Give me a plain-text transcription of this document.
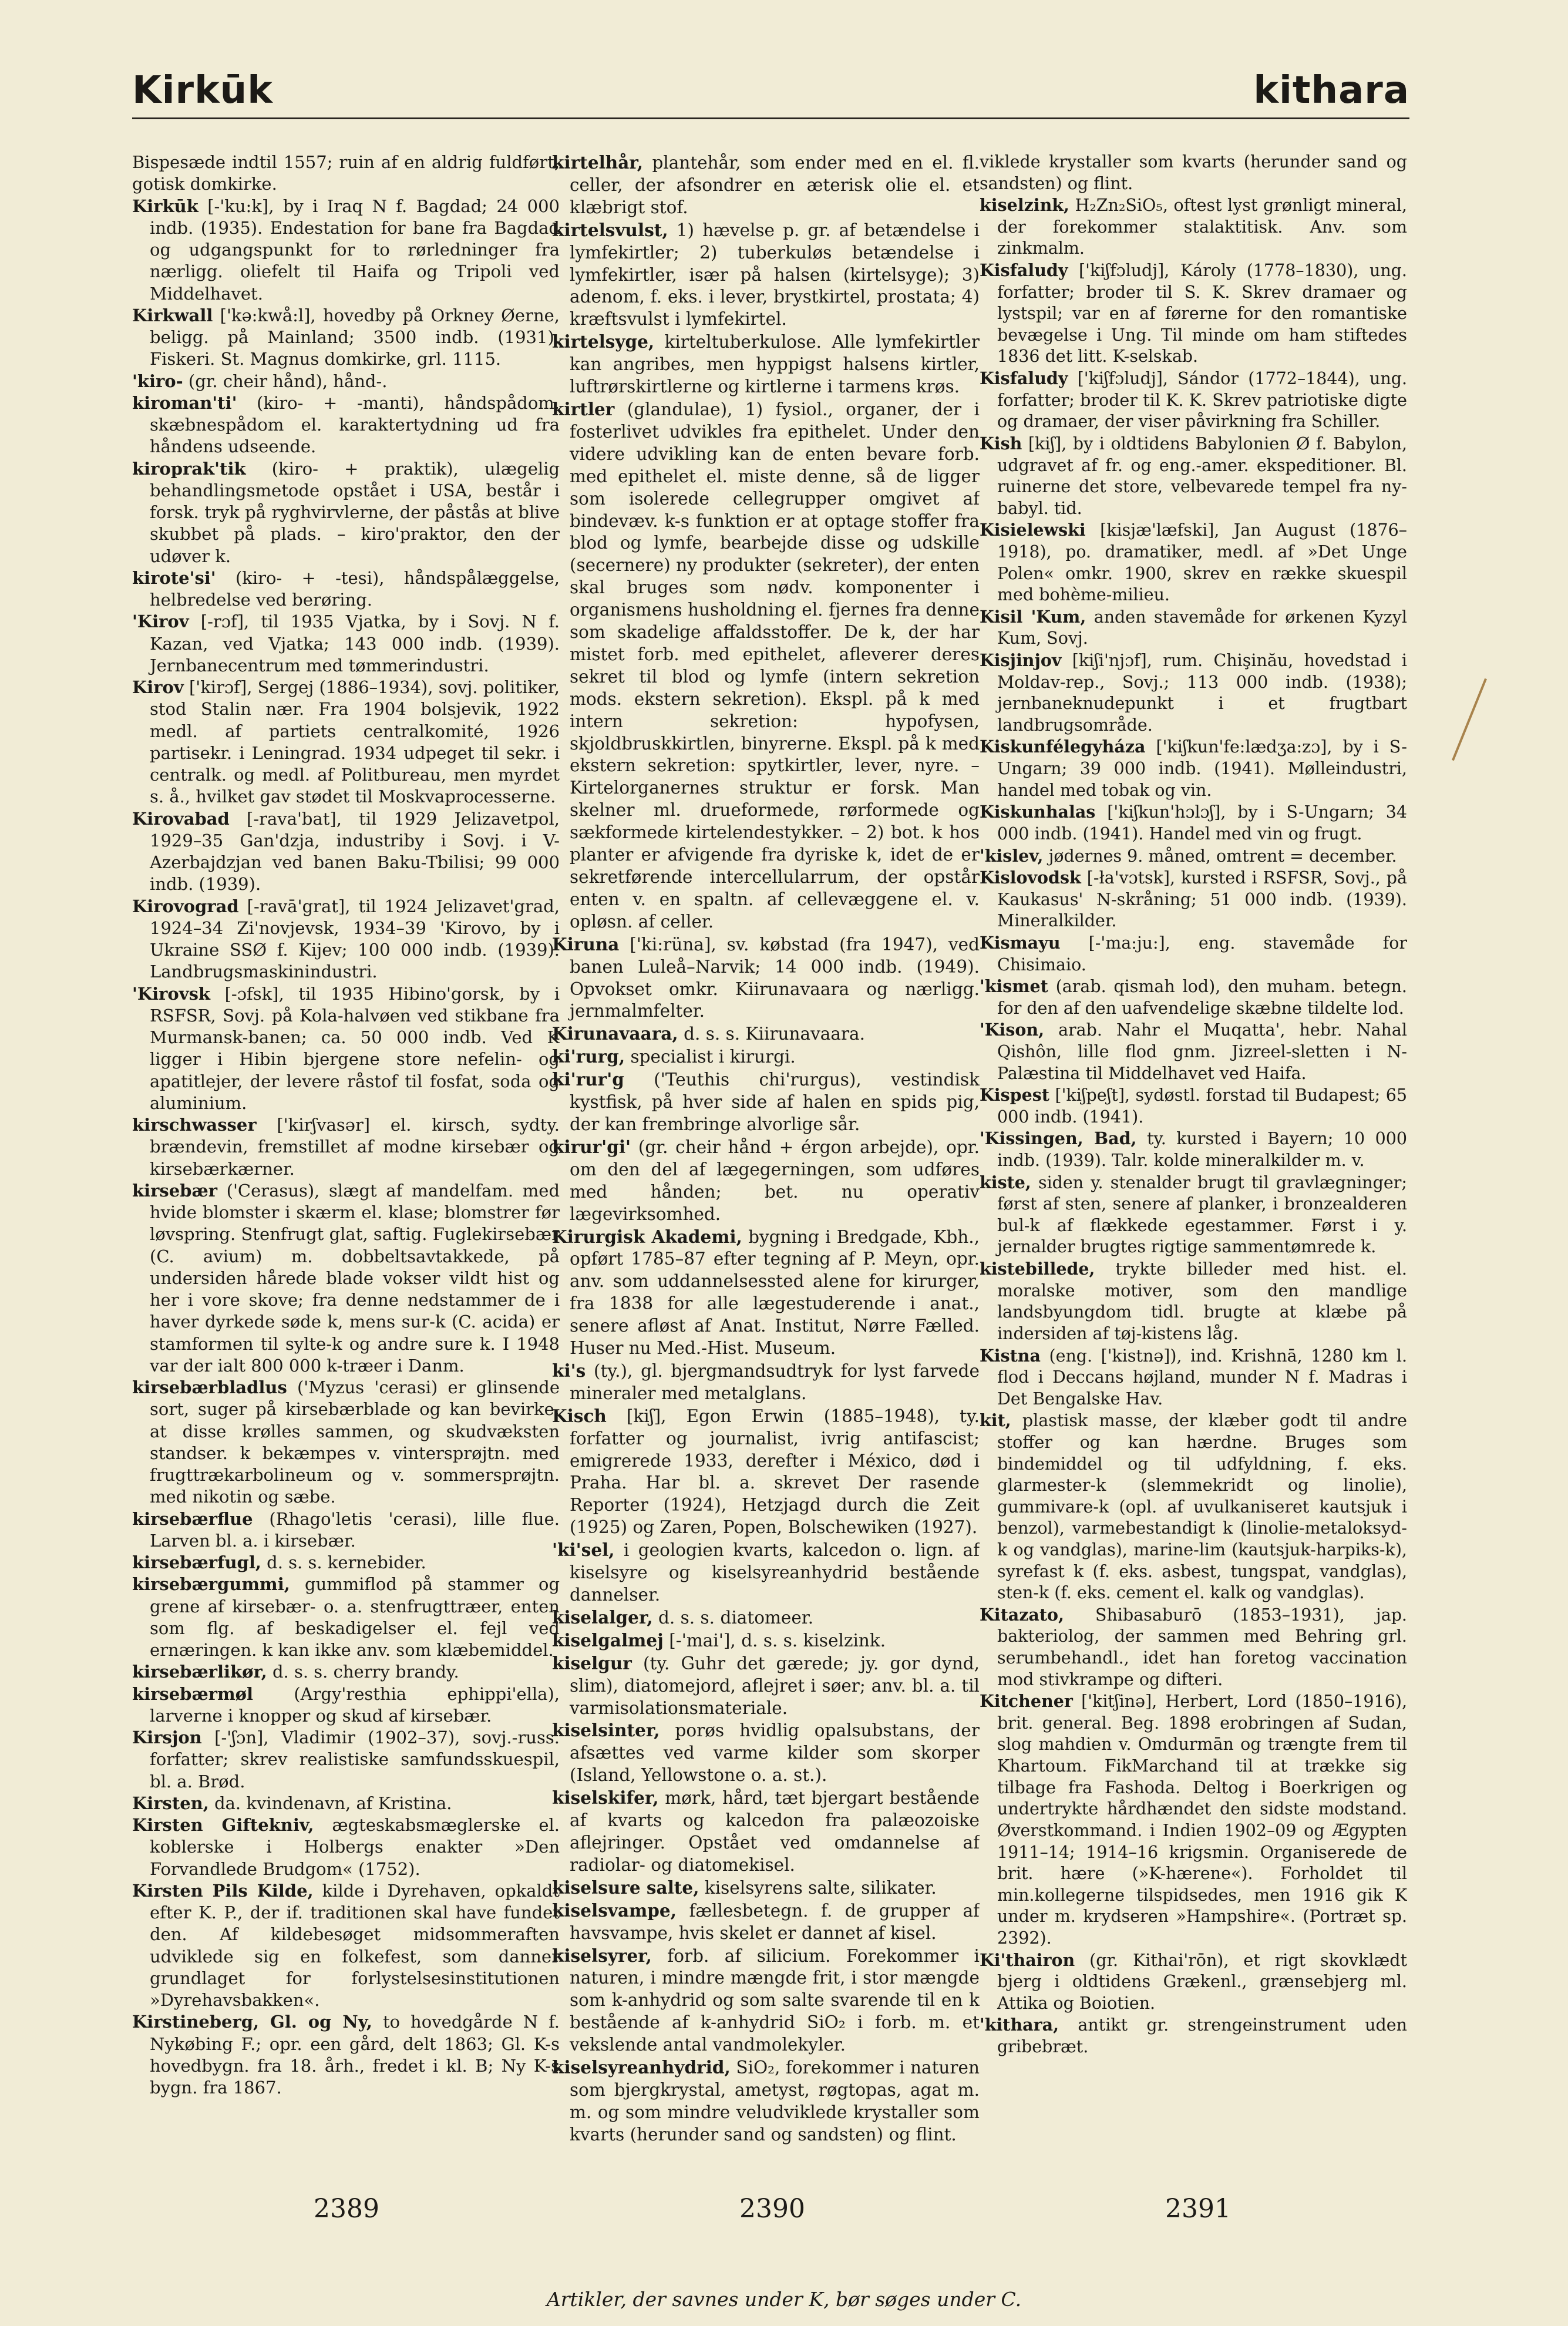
Kirkūk	kithara

Bispesæde indtil 1557; ruin af en aldrig fuldført, gotisk domkirke.

Kirkūk [-'ku:k], by i Iraq N f. Bagdad; 24 000 indb. (1935). Endestation for bane fra Bagdad og udgangspunkt for to rørledninger fra nærligg. oliefelt til Haifa og Tripoli ved Middelhavet.

Kirkwall ['kə:kwå:l], hovedby på Orkney Øerne, beligg. på Mainland; 3500 indb. (1931). Fiskeri. St. Magnus domkirke, grl. 1115.

'kiro- (gr. cheir hånd), hånd-.

kiroman'ti' (kiro- + -manti), håndspådom, skæbnespådom el. karaktertydning ud fra håndens udseende.

kiroprak'tik (kiro- + praktik), ulægelig behandlingsmetode opstået i USA, består i forsk. tryk på ryghvirvlerne, der påstås at blive skubbet på plads. – kiro'praktor, den der udøver k.

kirote'si' (kiro- + -tesi), håndspålæggelse, helbredelse ved berøring.

'Kirov [-rɔf], til 1935 Vjatka, by i Sovj. N f. Kazan, ved Vjatka; 143 000 indb. (1939). Jernbanecentrum med tømmerindustri.

Kirov ['kirɔf], Sergej (1886–1934), sovj. politiker, stod Stalin nær. Fra 1904 bolsjevik, 1922 medl. af partiets centralkomité, 1926 partisekr. i Leningrad. 1934 udpeget til sekr. i centralk. og medl. af Politbureau, men myrdet s. å., hvilket gav stødet til Moskvaprocesserne.

Kirovabad [-rava'bat], til 1929 Jelizavetpol, 1929–35 Gan'dzja, industriby i Sovj. i V-Azerbajdzjan ved banen Baku-Tbilisi; 99 000 indb. (1939).

Kirovograd [-ravā'grat], til 1924 Jelizavet'grad, 1924–34 Zi'novjevsk, 1934–39 'Kirovo, by i Ukraine SSØ f. Kijev; 100 000 indb. (1939). Landbrugsmaskinindustri.

'Kirovsk [-ɔfsk], til 1935 Hibino'gorsk, by i RSFSR, Sovj. på Kola-halvøen ved stikbane fra Murmansk-banen; ca. 50 000 indb. Ved K ligger i Hibin bjergene store nefelin- og apatitlejer, der levere råstof til fosfat, soda og aluminium.

kirschwasser ['kirʃvasər] el. kirsch, sydty. brændevin, fremstillet af modne kirsebær og kirsebærkærner.

kirsebær ('Cerasus), slægt af mandelfam. med hvide blomster i skærm el. klase; blomstrer før løvspring. Stenfrugt glat, saftig. Fuglekirsebær (C. avium) m. dobbeltsavtakkede, på undersiden hårede blade vokser vildt hist og her i vore skove; fra denne nedstammer de i haver dyrkede søde k, mens sur-k (C. acida) er stamformen til sylte-k og andre sure k. I 1948 var der ialt 800 000 k-træer i Danm.

kirsebærbladlus ('Myzus 'cerasi) er glinsende sort, suger på kirsebærblade og kan bevirke, at disse krølles sammen, og skudvæksten standser. k bekæmpes v. vintersprøjtn. med frugttrækarbolineum og v. sommersprøjtn. med nikotin og sæbe.

kirsebærflue (Rhago'letis 'cerasi), lille flue. Larven bl. a. i kirsebær.

kirsebærfugl, d. s. s. kernebider.

kirsebærgummi, gummiflod på stammer og grene af kirsebær- o. a. stenfrugttræer, enten som flg. af beskadigelser el. fejl ved ernæringen. k kan ikke anv. som klæbemiddel.

kirsebærlikør, d. s. s. cherry brandy.

kirsebærmøl (Argy'resthia ephippi'ella), larverne i knopper og skud af kirsebær.

Kirsjon [-'ʃɔn], Vladimir (1902–37), sovj.-russ. forfatter; skrev realistiske samfundsskuespil, bl. a. Brød.

Kirsten, da. kvindenavn, af Kristina.

Kirsten Giftekniv, ægteskabsmæglerske el. koblerske i Holbergs enakter »Den Forvandlede Brudgom« (1752).

Kirsten Pils Kilde, kilde i Dyrehaven, opkaldt efter K. P., der if. traditionen skal have fundet den. Af kildebesøget midsommeraften udviklede sig en folkefest, som danner grundlaget for forlystelsesinstitutionen »Dyrehavsbakken«.

Kirstineberg, Gl. og Ny, to hovedgårde N f. Nykøbing F.; opr. een gård, delt 1863; Gl. K-s hovedbygn. fra 18. årh., fredet i kl. B; Ny K-s bygn. fra 1867.

kirtelhår, plantehår, som ender med en el. fl. celler, der afsondrer en æterisk olie el. et klæbrigt stof.

kirtelsvulst, 1) hævelse p. gr. af betændelse i lymfekirtler; 2) tuberkuløs betændelse i lymfekirtler, især på halsen (kirtelsyge); 3) adenom, f. eks. i lever, brystkirtel, prostata; 4) kræftsvulst i lymfekirtel.

kirtelsyge, kirteltuberkulose. Alle lymfekirtler kan angribes, men hyppigst halsens kirtler, luftrørskirtlerne og kirtlerne i tarmens krøs.

kirtler (glandulae), 1) fysiol., organer, der i fosterlivet udvikles fra epithelet. Under den videre udvikling kan de enten bevare forb. med epithelet el. miste denne, så de ligger som isolerede cellegrupper omgivet af bindevæv. k-s funktion er at optage stoffer fra blod og lymfe, bearbejde disse og udskille (secernere) ny produkter (sekreter), der enten skal bruges som nødv. komponenter i organismens husholdning el. fjernes fra denne som skadelige affaldsstoffer. De k, der har mistet forb. med epithelet, afleverer deres sekret til blod og lymfe (intern sekretion mods. ekstern sekretion). Ekspl. på k med intern sekretion: hypofysen, skjoldbruskkirtlen, binyrerne. Ekspl. på k med ekstern sekretion: spytkirtler, lever, nyre. – Kirtelorganernes struktur er forsk. Man skelner ml. drueformede, rørformede og sækformede kirtelendestykker. – 2) bot. k hos planter er afvigende fra dyriske k, idet de er sekretførende intercellularrum, der opstår enten v. en spaltn. af cellevæggene el. v. opløsn. af celler.

Kiruna ['ki:rüna], sv. købstad (fra 1947), ved banen Luleå–Narvik; 14 000 indb. (1949). Opvokset omkr. Kiirunavaara og nærligg. jernmalmfelter.

Kirunavaara, d. s. s. Kiirunavaara.

ki'rurg, specialist i kirurgi.

ki'rur'g ('Teuthis chi'rurgus), vestindisk kystfisk, på hver side af halen en spids pig, der kan frembringe alvorlige sår.

kirur'gi' (gr. cheir hånd + érgon arbejde), opr. om den del af lægegerningen, som udføres med hånden; bet. nu operativ lægevirksomhed.

Kirurgisk Akademi, bygning i Bredgade, Kbh., opført 1785–87 efter tegning af P. Meyn, opr. anv. som uddannelsessted alene for kirurger, fra 1838 for alle lægestuderende i anat., senere afløst af Anat. Institut, Nørre Fælled. Huser nu Med.-Hist. Museum.

ki's (ty.), gl. bjergmandsudtryk for lyst farvede mineraler med metalglans.

Kisch [kiʃ], Egon Erwin (1885–1948), ty. forfatter og journalist, ivrig antifascist; emigrerede 1933, derefter i México, død i Praha. Har bl. a. skrevet Der rasende Reporter (1924), Hetzjagd durch die Zeit (1925) og Zaren, Popen, Bolschewiken (1927).

'ki'sel, i geologien kvarts, kalcedon o. lign. af kiselsyre og kiselsyreanhydrid bestående dannelser.

kiselalger, d. s. s. diatomeer.

kiselgalmej [-'mai'], d. s. s. kiselzink.

kiselgur (ty. Guhr det gærede; jy. gor dynd, slim), diatomejord, aflejret i søer; anv. bl. a. til varmisolationsmateriale.

kiselsinter, porøs hvidlig opalsubstans, der afsættes ved varme kilder som skorper (Island, Yellowstone o. a. st.).

kiselskifer, mørk, hård, tæt bjergart bestående af kvarts og kalcedon fra palæozoiske aflejringer. Opstået ved omdannelse af radiolar- og diatomekisel.

kiselsure salte, kiselsyrens salte, silikater.

kiselsvampe, fællesbetegn. f. de grupper af havsvampe, hvis skelet er dannet af kisel.

kiselsyrer, forb. af silicium. Forekommer i naturen, i mindre mængde frit, i stor mængde som k-anhydrid og som salte svarende til en k bestående af k-anhydrid SiO₂ i forb. m. et vekslende antal vandmolekyler.

kiselsyreanhydrid, SiO₂, forekommer i naturen som bjergkrystal, ametyst, røgtopas, agat m. m. og som mindre veludviklede krystaller som kvarts (herunder sand og sandsten) og flint.

viklede krystaller som kvarts (herunder sand og sandsten) og flint.

kiselzink, H₂Zn₂SiO₅, oftest lyst grønligt mineral, der forekommer stalaktitisk. Anv. som zinkmalm.

Kisfaludy ['kiʃfɔludj], Károly (1778–1830), ung. forfatter; broder til S. K. Skrev dramaer og lystspil; var en af førerne for den romantiske bevægelse i Ung. Til minde om ham stiftedes 1836 det litt. K-selskab.

Kisfaludy ['kiʃfɔludj], Sándor (1772–1844), ung. forfatter; broder til K. K. Skrev patriotiske digte og dramaer, der viser påvirkning fra Schiller.

Kish [kiʃ], by i oldtidens Babylonien Ø f. Babylon, udgravet af fr. og eng.-amer. ekspeditioner. Bl. ruinerne det store, velbevarede tempel fra ny-babyl. tid.

Kisielewski [kisjæ'læfski], Jan August (1876–1918), po. dramatiker, medl. af »Det Unge Polen« omkr. 1900, skrev en række skuespil med bohème-milieu.

Kisil 'Kum, anden stavemåde for ørkenen Kyzyl Kum, Sovj.

Kisjinjov [kiʃi'njɔf], rum. Chişinău, hovedstad i Moldav-rep., Sovj.; 113 000 indb. (1938); jernbaneknudepunkt i et frugtbart landbrugsområde.

Kiskunfélegyháza ['kiʃkun'fe:lædʒa:zɔ], by i S-Ungarn; 39 000 indb. (1941). Mølleindustri, handel med tobak og vin.

Kiskunhalas ['kiʃkun'hɔlɔʃ], by i S-Ungarn; 34 000 indb. (1941). Handel med vin og frugt.

'kislev, jødernes 9. måned, omtrent = december.

Kislovodsk [-ła'vɔtsk], kursted i RSFSR, Sovj., på Kaukasus' N-skråning; 51 000 indb. (1939). Mineralkilder.

Kismayu [-'ma:ju:], eng. stavemåde for Chisimaio.

'kismet (arab. qismah lod), den muham. betegn. for den af den uafvendelige skæbne tildelte lod.

'Kison, arab. Nahr el Muqatta', hebr. Nahal Qishôn, lille flod gnm. Jizreel-sletten i N-Palæstina til Middelhavet ved Haifa.

Kispest ['kiʃpeʃt], sydøstl. forstad til Budapest; 65 000 indb. (1941).

'Kissingen, Bad, ty. kursted i Bayern; 10 000 indb. (1939). Talr. kolde mineralkilder m. v.

kiste, siden y. stenalder brugt til gravlægninger; først af sten, senere af planker, i bronzealderen bul-k af flækkede egestammer. Først i y. jernalder brugtes rigtige sammentømrede k.

kistebillede, trykte billeder med hist. el. moralske motiver, som den mandlige landsbyungdom tidl. brugte at klæbe på indersiden af tøj-kistens låg.

Kistna (eng. ['kistnə]), ind. Krishnā, 1280 km l. flod i Deccans højland, munder N f. Madras i Det Bengalske Hav.

kit, plastisk masse, der klæber godt til andre stoffer og kan hærdne. Bruges som bindemiddel og til udfyldning, f. eks. glarmester-k (slemmekridt og linolie), gummivare-k (opl. af uvulkaniseret kautsjuk i benzol), varmebestandigt k (linolie-metaloksyd-k og vandglas), marine-lim (kautsjuk-harpiks-k), syrefast k (f. eks. asbest, tungspat, vandglas), sten-k (f. eks. cement el. kalk og vandglas).

Kitazato, Shibasaburō (1853–1931), jap. bakteriolog, der sammen med Behring grl. serumbehandl., idet han foretog vaccination mod stivkrampe og difteri.

Kitchener ['kitʃinə], Herbert, Lord (1850–1916), brit. general. Beg. 1898 erobringen af Sudan, slog mahdien v. Omdurmān og trængte frem til Khartoum. FikMarchand til at trække sig tilbage fra Fashoda. Deltog i Boerkrigen og undertrykte hårdhændet den sidste modstand. Øverstkommand. i Indien 1902–09 og Ægypten 1911–14; 1914–16 krigsmin. Organiserede de brit. hære (»K-hærene«). Forholdet til min.kollegerne tilspidsedes, men 1916 gik K under m. krydseren »Hampshire«. (Portræt sp. 2392).

Ki'thairon (gr. Kithai'rōn), et rigt skovklædt bjerg i oldtidens Grækenl., grænsebjerg ml. Attika og Boiotien.

'kithara, antikt gr. strengeinstrument uden gribebræt.

2389	2390	2391
Artikler, der savnes under K, bør søges under C.
